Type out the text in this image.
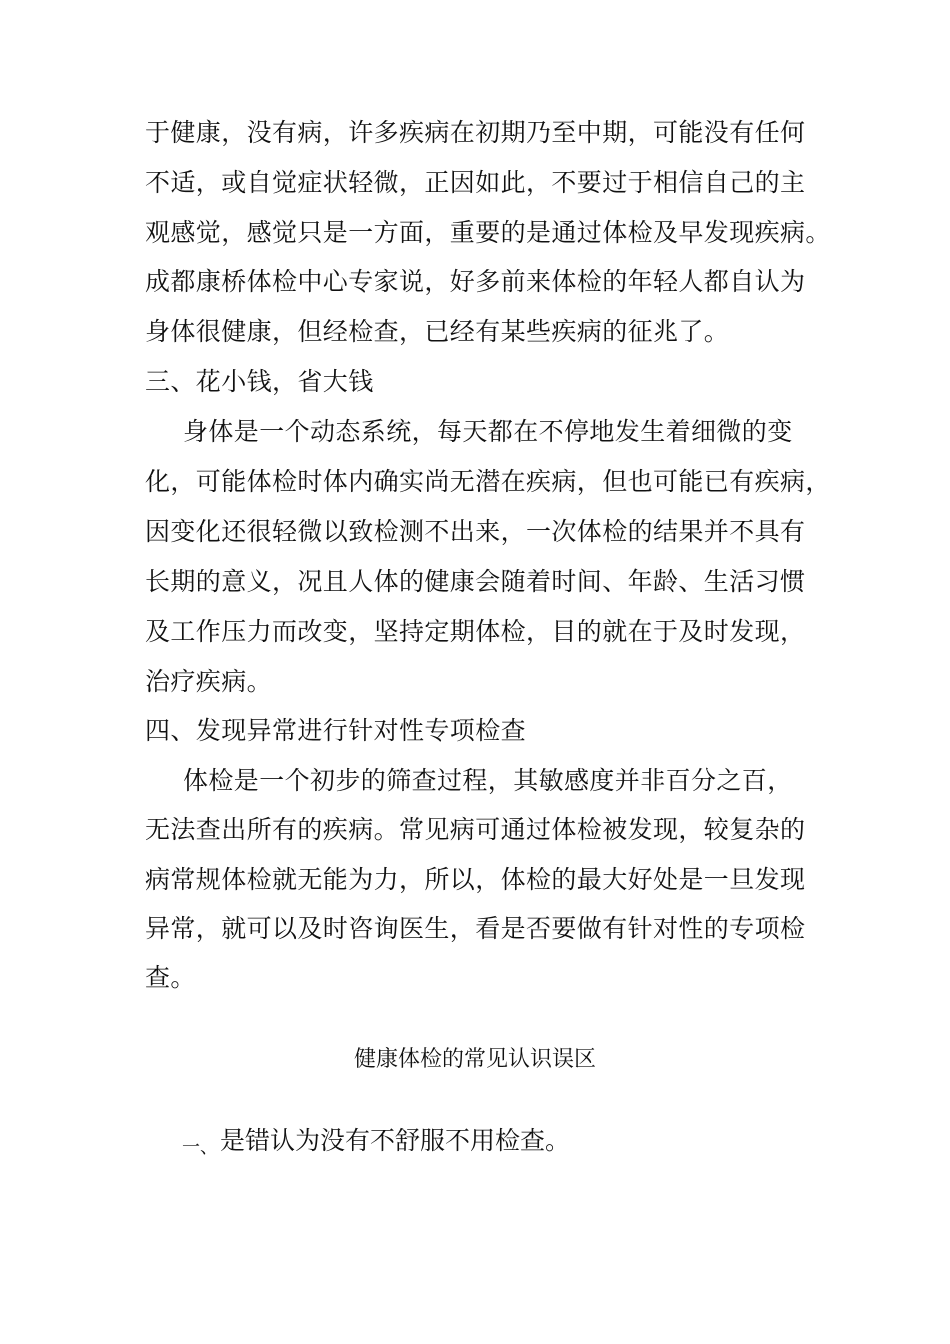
于健康，没有病，许多疾病在初期乃至中期，可能没有任何
不适，或自觉症状轻微，正因如此，不要过于相信自己的主
观感觉，感觉只是一方面，重要的是通过体检及早发现疾病。
成都康桥体检中心专家说，好多前来体检的年轻人都自认为
身体很健康，但经检查，已经有某些疾病的征兆了。
三、花小钱，省大钱
身体是一个动态系统，每天都在不停地发生着细微的变
化，可能体检时体内确实尚无潜在疾病，但也可能已有疾病，
因变化还很轻微以致检测不出来，一次体检的结果并不具有
长期的意义，况且人体的健康会随着时间、年龄、生活习惯
及工作压力而改变，坚持定期体检，目的就在于及时发现，
治疗疾病。
四、发现异常进行针对性专项检查
体检是一个初步的筛查过程，其敏感度并非百分之百，
无法查出所有的疾病。常见病可通过体检被发现，较复杂的
病常规体检就无能为力，所以，体检的最大好处是一旦发现
异常，就可以及时咨询医生，看是否要做有针对性的专项检
查。
健康体检的常见认识误区
一、是错认为没有不舒服不用检查。
